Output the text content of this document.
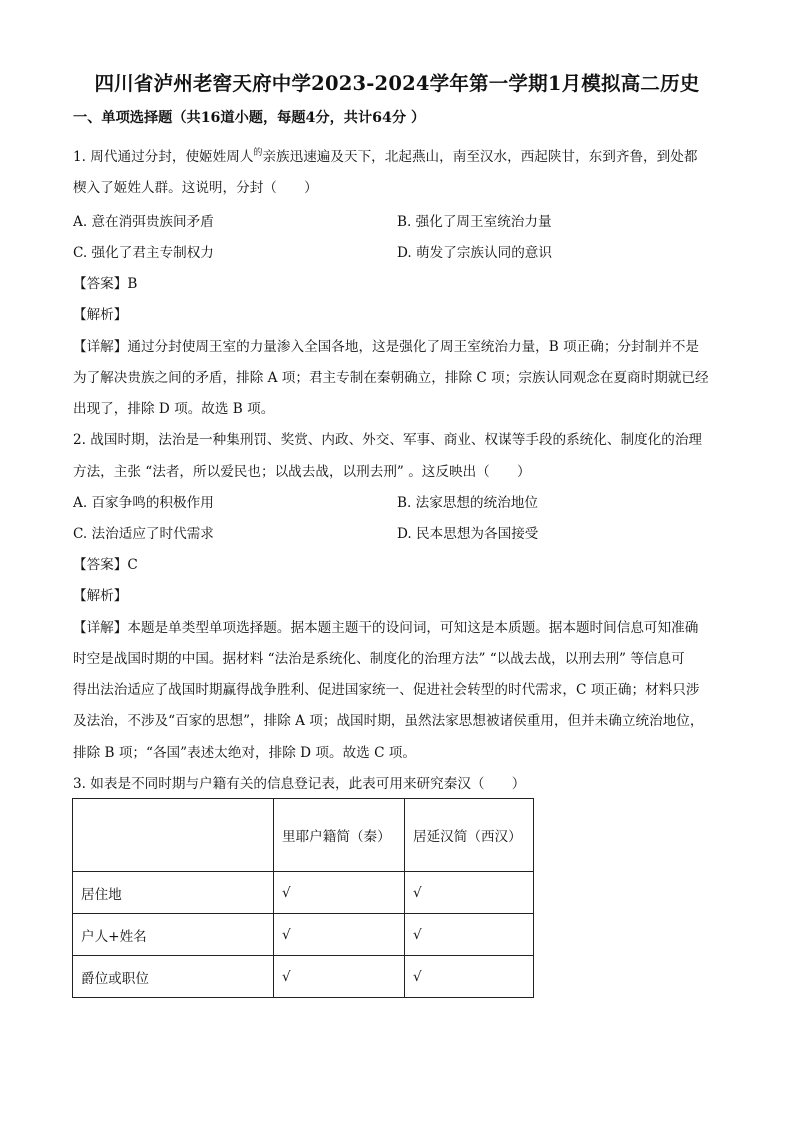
四川省泸州老窖天府中学2023-2024学年第一学期1月模拟高二历史
一、单项选择题（共16道小题，每题4分，共计64分 ）
1. 周代通过分封，使姬姓周人$^的$亲族迅速遍及天下，北起燕山，南至汉水，西起陕甘，东到齐鲁，到处都
楔入了姬姓人群。这说明，分封（　　）
A. 意在消弭贵族间矛盾	B. 强化了周王室统治力量
C. 强化了君主专制权力	D. 萌发了宗族认同的意识
【答案】B
【解析】
【详解】通过分封使周王室的力量渗入全国各地，这是强化了周王室统治力量，B 项正确；分封制并不是
为了解决贵族之间的矛盾，排除 A 项；君主专制在秦朝确立，排除 C 项；宗族认同观念在夏商时期就已经
出现了，排除 D 项。故选 B 项。
2. 战国时期，法治是一种集刑罚、奖赏、内政、外交、军事、商业、权谋等手段的系统化、制度化的治理
方法，主张 “法者，所以爱民也；以战去战，以刑去刑” 。这反映出（　　）
A. 百家争鸣的积极作用	B. 法家思想的统治地位
C. 法治适应了时代需求	D. 民本思想为各国接受
【答案】C
【解析】
【详解】本题是单类型单项选择题。据本题主题干的设问词，可知这是本质题。据本题时间信息可知准确
时空是战国时期的中国。据材料 “法治是系统化、制度化的治理方法” “以战去战，以刑去刑” 等信息可
得出法治适应了战国时期赢得战争胜利、促进国家统一、促进社会转型的时代需求，C 项正确；材料只涉
及法治，不涉及“百家的思想”，排除 A 项；战国时期，虽然法家思想被诸侯重用，但并未确立统治地位，
排除 B 项；“各国”表述太绝对，排除 D 项。故选 C 项。
3. 如表是不同时期与户籍有关的信息登记表，此表可用来研究秦汉（　　）
	里耶户籍简（秦）	居延汉简（西汉）
居住地	√	√
户人+姓名	√	√
爵位或职位	√	√
